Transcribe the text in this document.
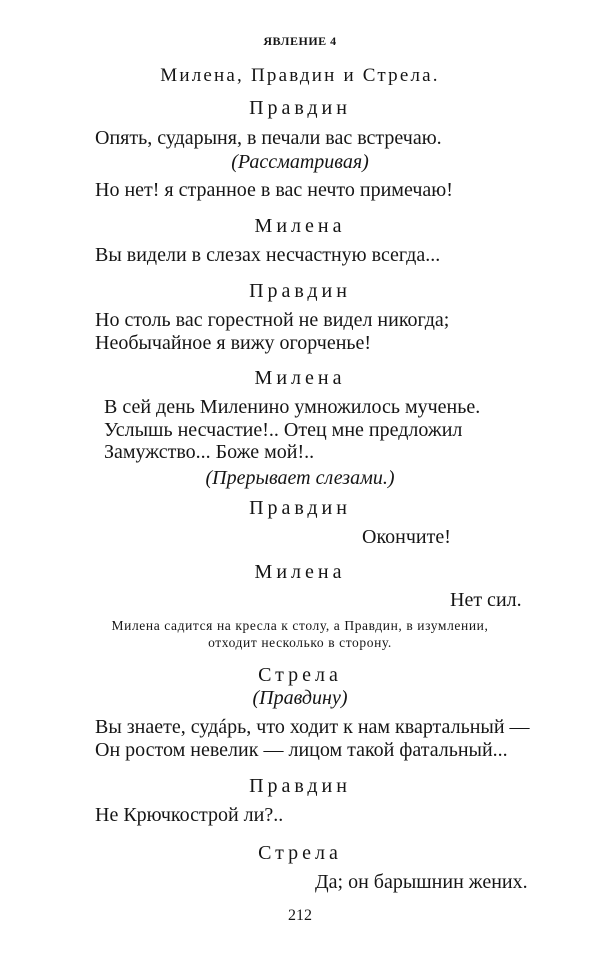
ЯВЛЕНИЕ 4
Милена, Правдин и Стрела.
Правдин
Опять, сударыня, в печали вас встречаю.
(Рассматривая)
Но нет! я странное в вас нечто примечаю!
Милена
Вы видели в слезах несчастную всегда...
Правдин
Но столь вас горестной не видел никогда;
Необычайное я вижу огорченье!
Милена
В сей день Миленино умножилось мученье.
Услышь несчастие!.. Отец мне предложил
Замужство... Боже мой!..
(Прерывает слезами.)
Правдин
Окончите!
Милена
Нет сил.
Милена садится на кресла к столу, а Правдин, в изумлении,
отходит несколько в сторону.
Стрела
(Правдину)
Вы знаете, судáрь, что ходит к нам квартальный —
Он ростом невелик — лицом такой фатальный...
Правдин
Не Крючкострой ли?..
Стрела
Да; он барышнин жених.
212
